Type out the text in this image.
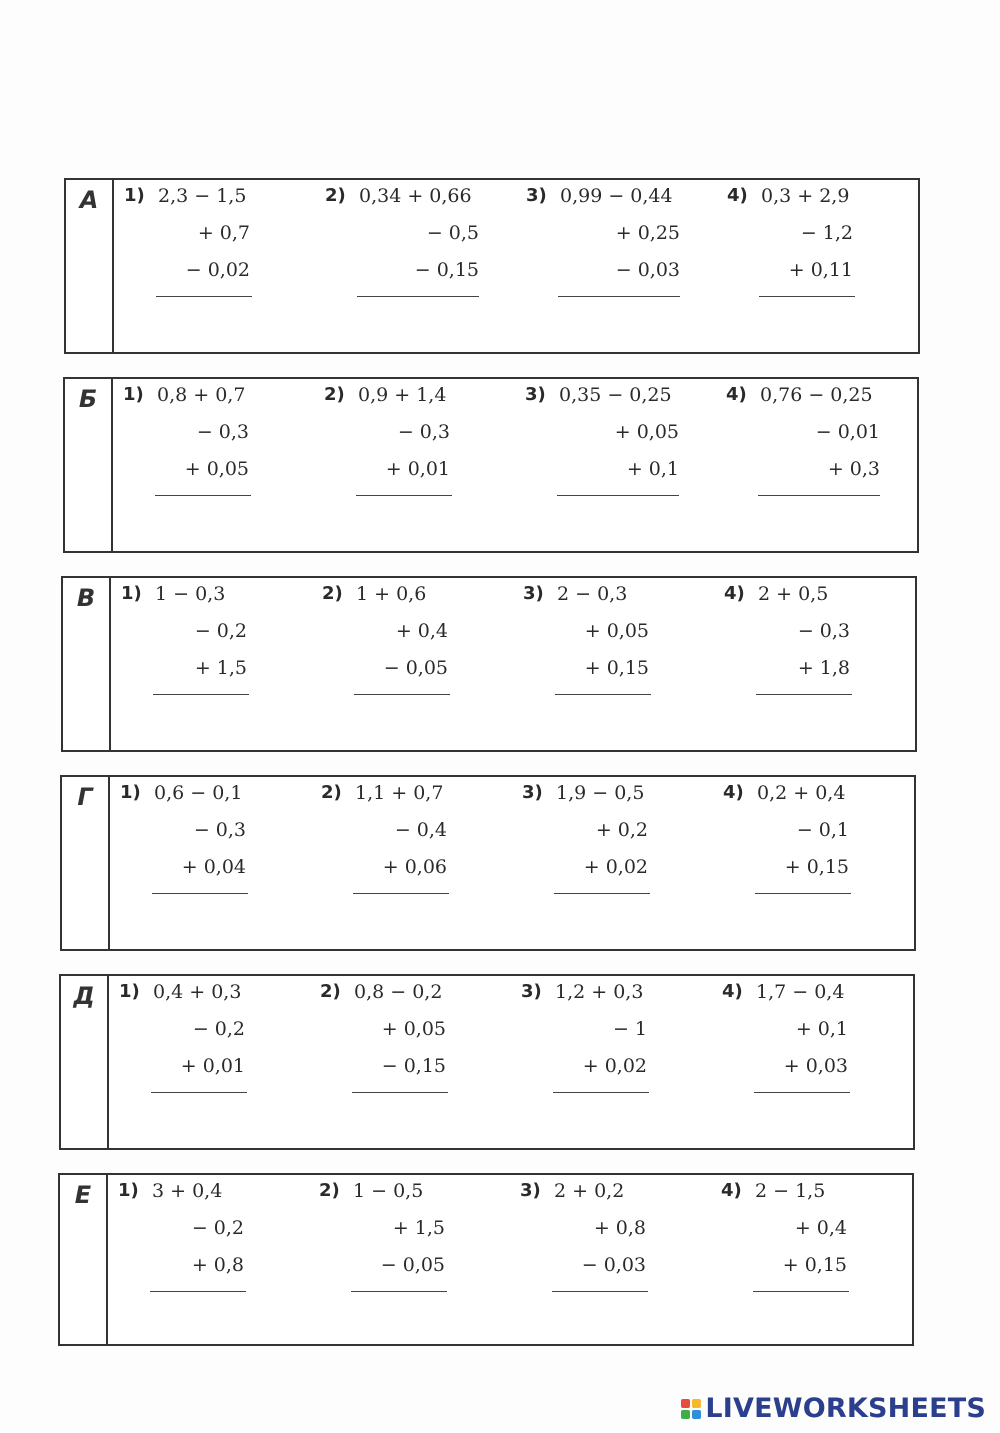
А	1) 2,3 − 1,5
+ 0,7
− 0,02
2) 0,34 + 0,66
− 0,5
− 0,15
3) 0,99 − 0,44
+ 0,25
− 0,03
4) 0,3 + 2,9
− 1,2
+ 0,11
Б	1) 0,8 + 0,7
− 0,3
+ 0,05
2) 0,9 + 1,4
− 0,3
+ 0,01
3) 0,35 − 0,25
+ 0,05
+ 0,1
4) 0,76 − 0,25
− 0,01
+ 0,3
В	1) 1 − 0,3
− 0,2
+ 1,5
2) 1 + 0,6
+ 0,4
− 0,05
3) 2 − 0,3
+ 0,05
+ 0,15
4) 2 + 0,5
− 0,3
+ 1,8
Г	1) 0,6 − 0,1
− 0,3
+ 0,04
2) 1,1 + 0,7
− 0,4
+ 0,06
3) 1,9 − 0,5
+ 0,2
+ 0,02
4) 0,2 + 0,4
− 0,1
+ 0,15
Д	1) 0,4 + 0,3
− 0,2
+ 0,01
2) 0,8 − 0,2
+ 0,05
− 0,15
3) 1,2 + 0,3
− 1
+ 0,02
4) 1,7 − 0,4
+ 0,1
+ 0,03
Е	1) 3 + 0,4
− 0,2
+ 0,8
2) 1 − 0,5
+ 1,5
− 0,05
3) 2 + 0,2
+ 0,8
− 0,03
4) 2 − 1,5
+ 0,4
+ 0,15
LIVEWORKSHEETS
